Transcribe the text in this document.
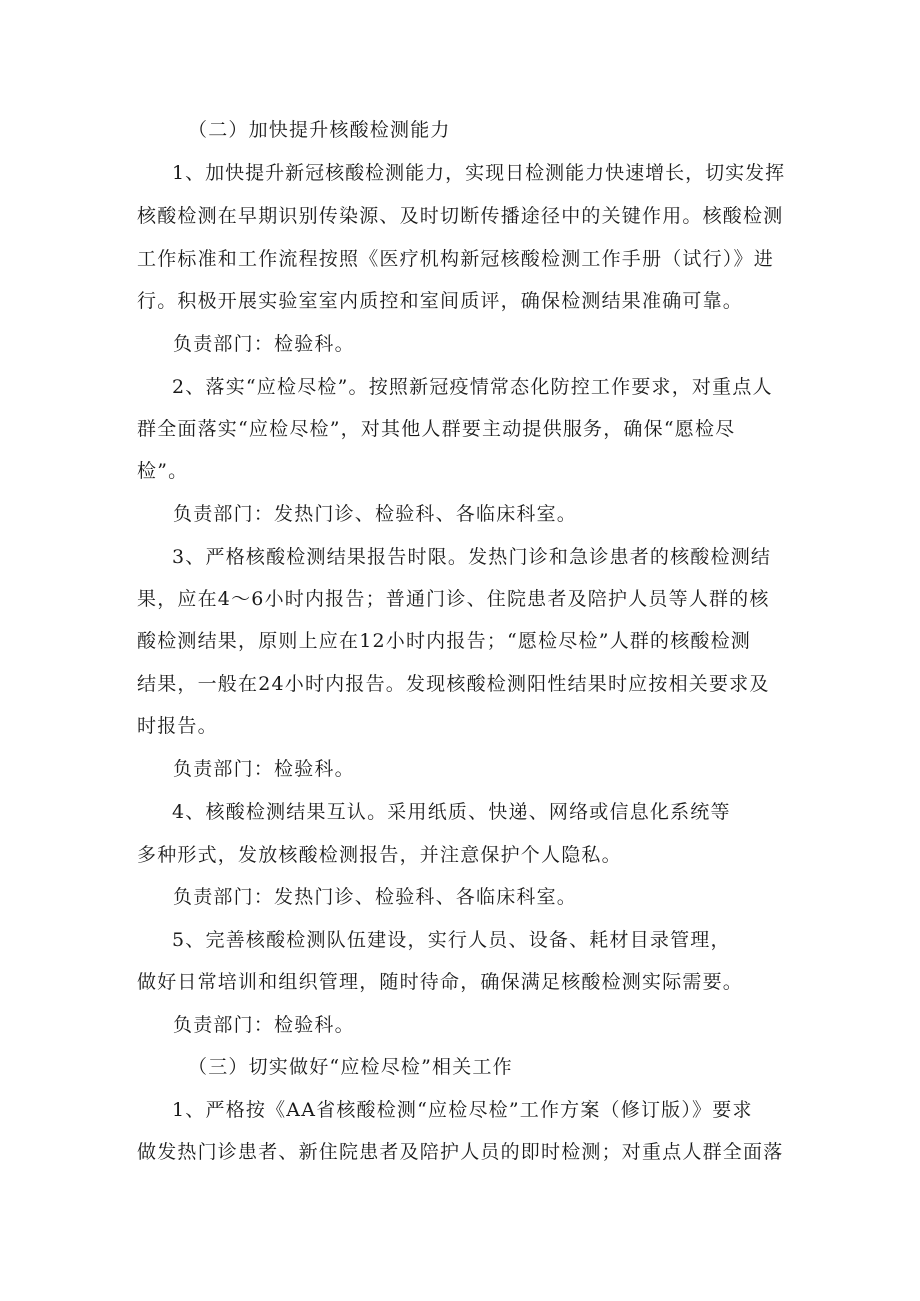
（二）加快提升核酸检测能力
1、加快提升新冠核酸检测能力，实现日检测能力快速增长，切实发挥
核酸检测在早期识别传染源、及时切断传播途径中的关键作用。核酸检测
工作标准和工作流程按照《医疗机构新冠核酸检测工作手册（试行）》进
行。积极开展实验室室内质控和室间质评，确保检测结果准确可靠。
负责部门：检验科。
2、落实“应检尽检”。按照新冠疫情常态化防控工作要求，对重点人
群全面落实“应检尽检”，对其他人群要主动提供服务，确保“愿检尽
检”。
负责部门：发热门诊、检验科、各临床科室。
3、严格核酸检测结果报告时限。发热门诊和急诊患者的核酸检测结
果，应在4～6小时内报告；普通门诊、住院患者及陪护人员等人群的核
酸检测结果，原则上应在12小时内报告；“愿检尽检”人群的核酸检测
结果，一般在24小时内报告。发现核酸检测阳性结果时应按相关要求及
时报告。
负责部门：检验科。
4、核酸检测结果互认。采用纸质、快递、网络或信息化系统等
多种形式，发放核酸检测报告，并注意保护个人隐私。
负责部门：发热门诊、检验科、各临床科室。
5、完善核酸检测队伍建设，实行人员、设备、耗材目录管理，
做好日常培训和组织管理，随时待命，确保满足核酸检测实际需要。
负责部门：检验科。
（三）切实做好“应检尽检”相关工作
1、严格按《AA省核酸检测“应检尽检”工作方案（修订版）》要求
做发热门诊患者、新住院患者及陪护人员的即时检测；对重点人群全面落
